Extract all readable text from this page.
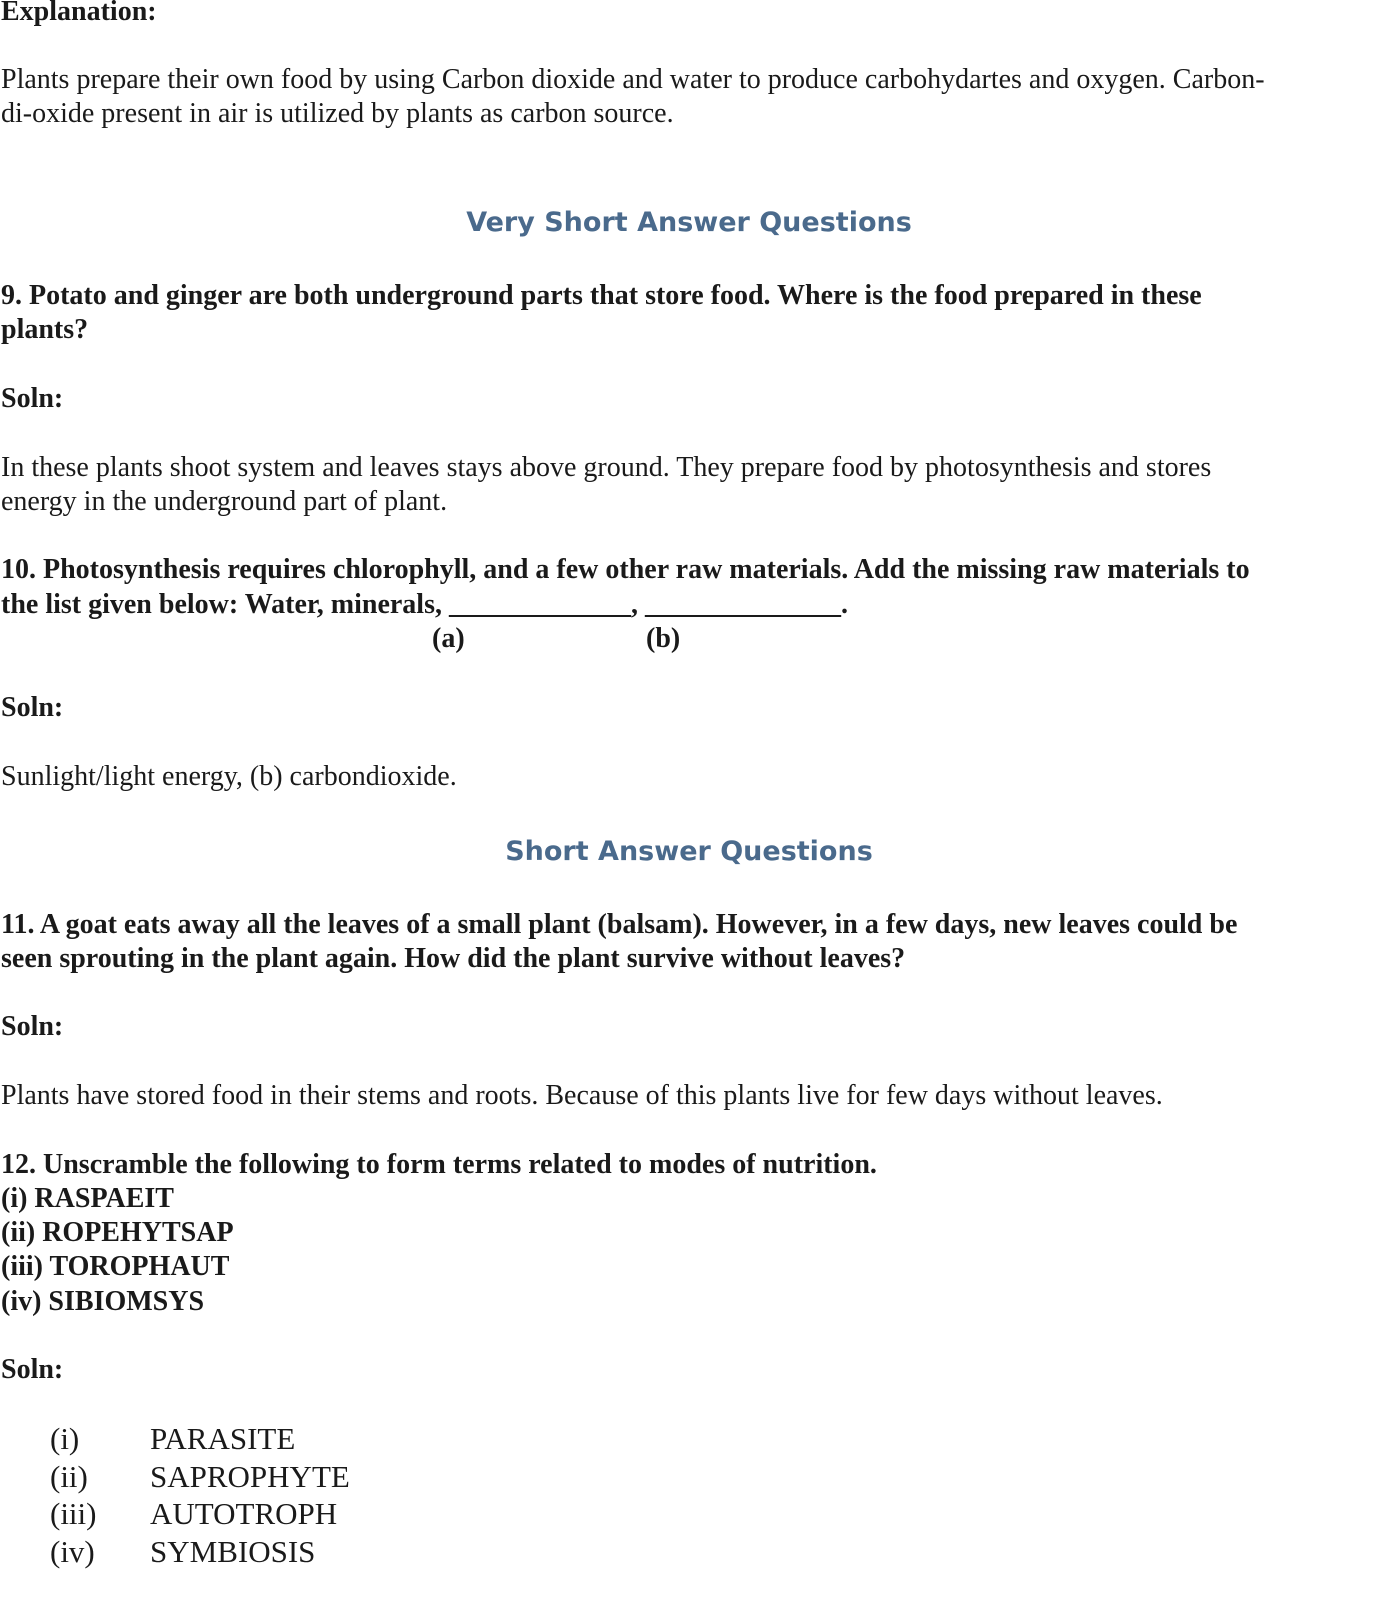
Explanation:
Plants prepare their own food by using Carbon dioxide and water to produce carbohydartes and oxygen. Carbon-
di-oxide present in air is utilized by plants as carbon source.
Very Short Answer Questions
9. Potato and ginger are both underground parts that store food. Where is the food prepared in these
plants?
Soln:
In these plants shoot system and leaves stays above ground. They prepare food by photosynthesis and stores
energy in the underground part of plant.
10. Photosynthesis requires chlorophyll, and a few other raw materials. Add the missing raw materials to
the list given below: Water, minerals, _____________, ______________.
(a)	(b)
Soln:
Sunlight/light energy, (b) carbondioxide.
Short Answer Questions
11. A goat eats away all the leaves of a small plant (balsam). However, in a few days, new leaves could be
seen sprouting in the plant again. How did the plant survive without leaves?
Soln:
Plants have stored food in their stems and roots. Because of this plants live for few days without leaves.
12. Unscramble the following to form terms related to modes of nutrition.
(i) RASPAEIT
(ii) ROPEHYTSAP
(iii) TOROPHAUT
(iv) SIBIOMSYS
Soln:
(i) PARASITE
(ii) SAPROPHYTE
(iii) AUTOTROPH
(iv) SYMBIOSIS
